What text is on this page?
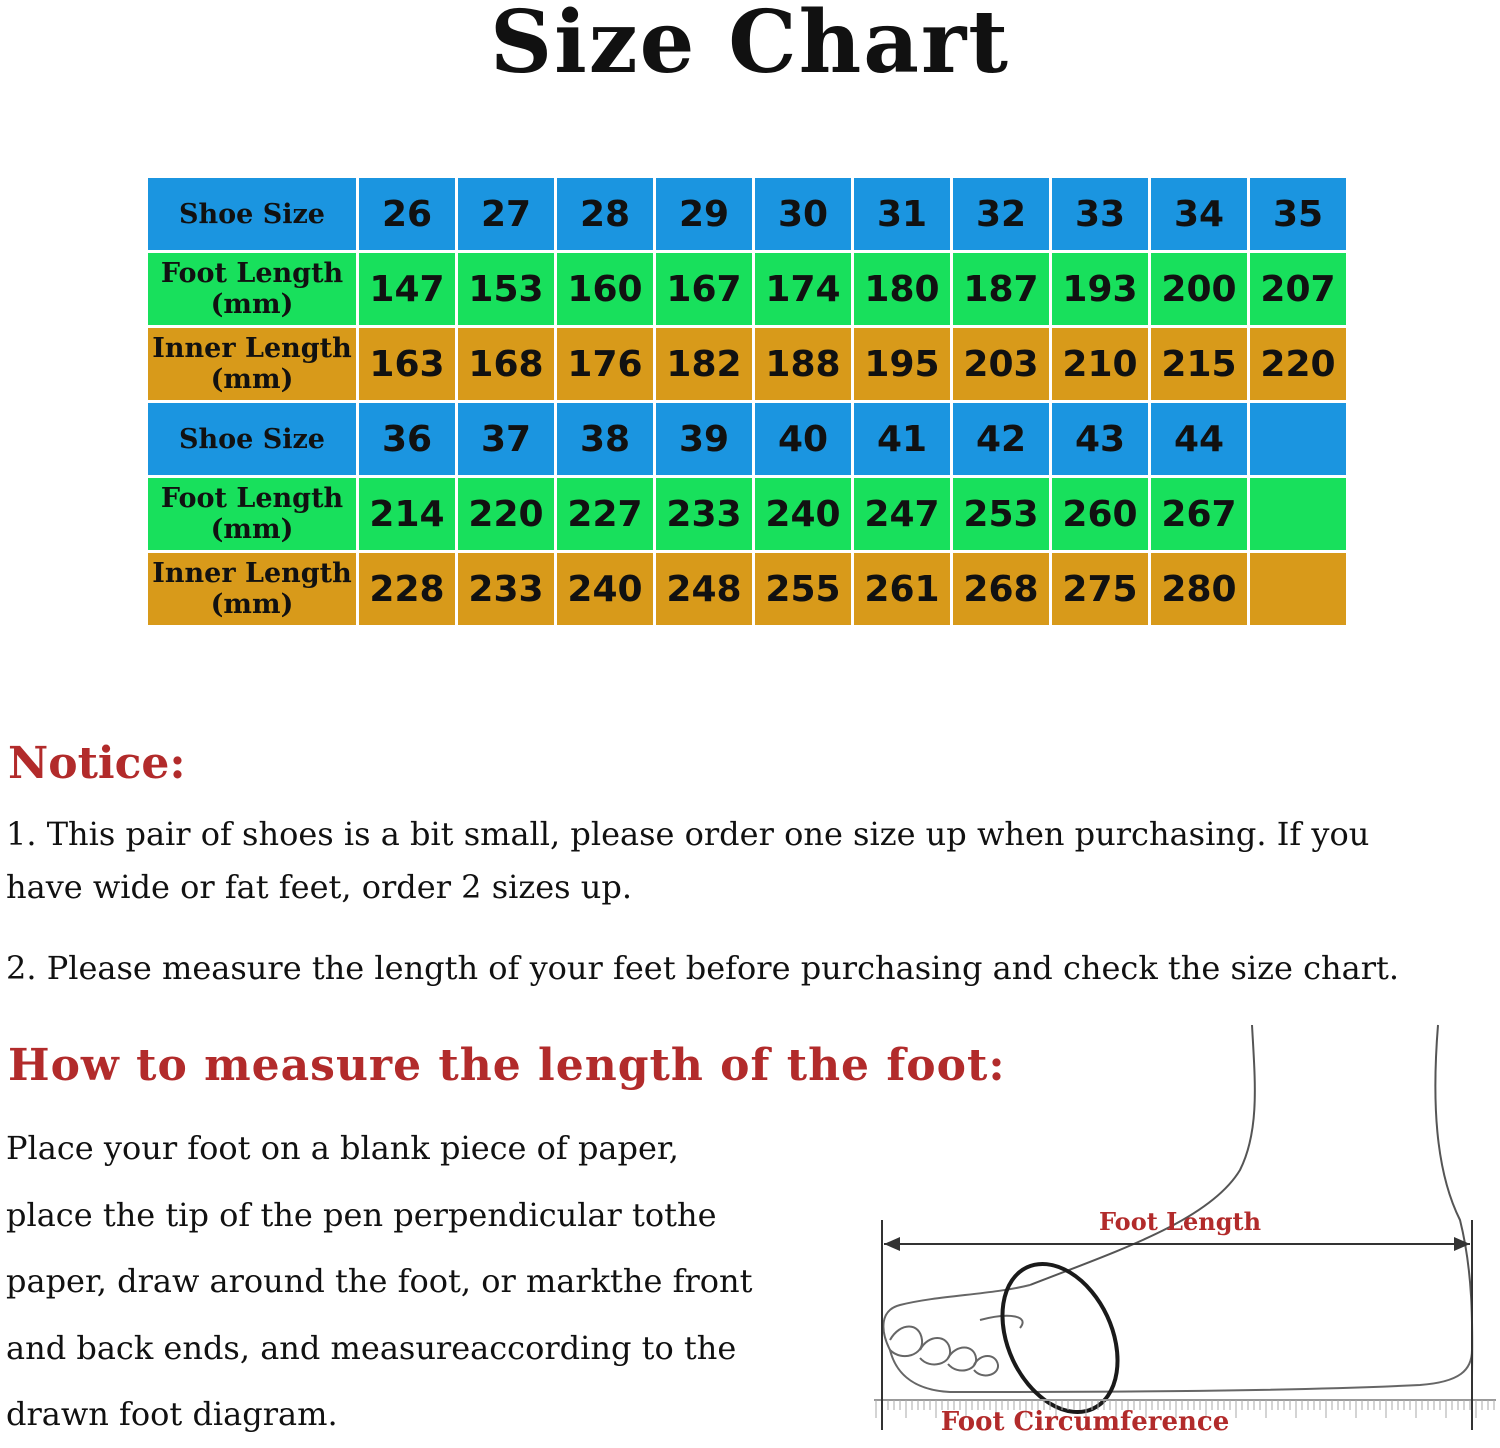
Size Chart
Shoe Size	26	27	28	29	30	31	32	33	34	35

Foot Length
(mm)	147	153	160	167	174	180	187	193	200	207

Inner Length
(mm)	163	168	176	182	188	195	203	210	215	220

Shoe Size	36	37	38	39	40	41	42	43	44	

Foot Length
(mm)	214	220	227	233	240	247	253	260	267	

Inner Length
(mm)	228	233	240	248	255	261	268	275	280	
Notice:
1. This pair of shoes is a bit small, please order one size up when purchasing. If you
have wide or fat feet, order 2 sizes up.
2. Please measure the length of your feet before purchasing and check the size chart.
How to measure the length of the foot:
Place your foot on a blank piece of paper,
place the tip of the pen perpendicular tothe
paper, draw around the foot, or markthe front
and back ends, and measureaccording to the
drawn foot diagram.
Foot Length
Foot Circumference
